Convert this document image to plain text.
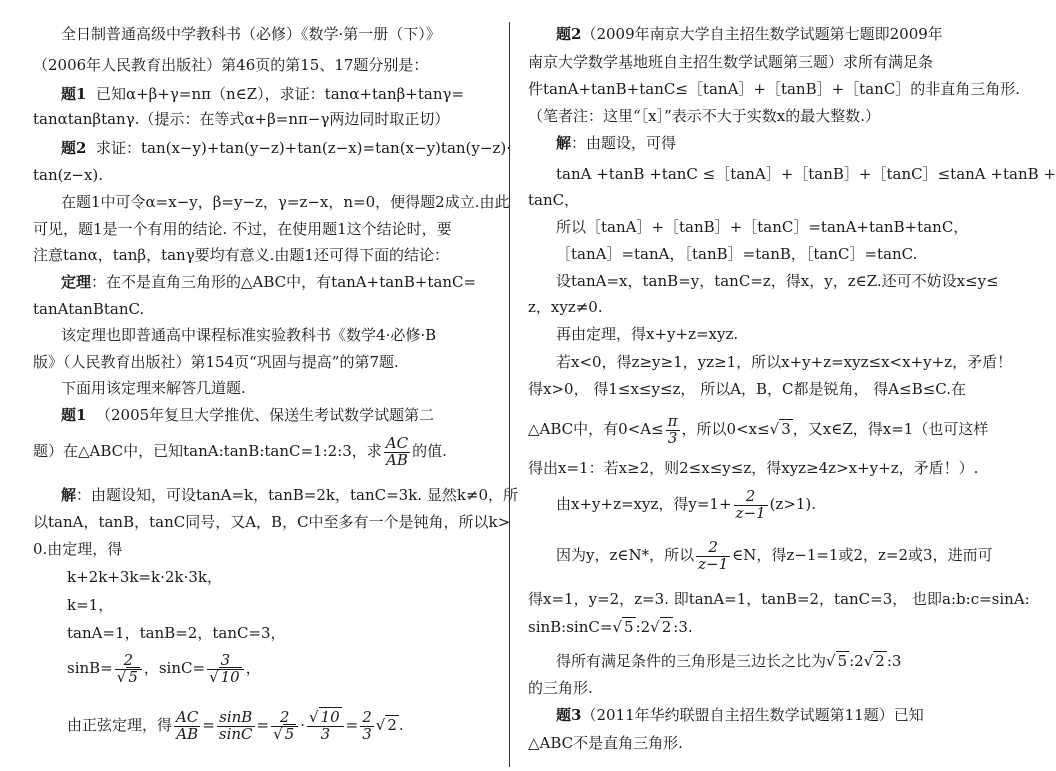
全日制普通高级中学教科书（必修）《数学·第一册（下）》
（2006年人民教育出版社）第46页的第15、17题分别是：
题1 已知α+β+γ=nπ（n∈Z），求证：tanα+tanβ+tanγ=
tanαtanβtanγ.（提示：在等式α+β=nπ−γ两边同时取正切）
题2 求证：tan(x−y)+tan(y−z)+tan(z−x)=tan(x−y)tan(y−z)·
tan(z−x).
在题1中可令α=x−y，β=y−z，γ=z−x，n=0，便得题2成立.由此
可见，题1是一个有用的结论. 不过，在使用题1这个结论时，要
注意tanα，tanβ，tanγ要均有意义.由题1还可得下面的结论：
定理：在不是直角三角形的△ABC中，有tanA+tanB+tanC=
tanAtanBtanC.
该定理也即普通高中课程标准实验教科书《数学4·必修·B
版》（人民教育出版社）第154页“巩固与提高”的第7题.
下面用该定理来解答几道题.
题1 （2005年复旦大学推优、保送生考试数学试题第二
题）在△ABC中，已知tanA:tanB:tanC=1:2:3，求 $\frac{AC}{AB}$ 的值.
解：由题设知，可设tanA=k，tanB=2k，tanC=3k. 显然k≠0，所
以tanA，tanB，tanC同号，又A，B，C中至多有一个是钝角，所以k>
0.由定理，得
k+2k+3k=k·2k·3k，
k=1，
tanA=1，tanB=2，tanC=3，
$\sin B= \frac{2}{√ 5}$ ，$\sin C= \frac{3}{√ 10}$ ，
由正弦定理，得 $\frac{AC}{AB} = \frac{\sin B}{\sin C} = \frac{2}{√ 5} \cdot \frac{√ 10}{3} = \frac{2}{3}$ √ 2 .
题2（2009年南京大学自主招生数学试题第七题即2009年
南京大学数学基地班自主招生数学试题第三题）求所有满足条
件tanA+tanB+tanC≤［tanA］+［tanB］+［tanC］的非直角三角形.
（笔者注：这里“［x］”表示不大于实数x的最大整数.）
解：由题设，可得
tanA +tanB +tanC ≤［tanA］+［tanB］+［tanC］≤tanA +tanB +
tanC，
所以［tanA］+［tanB］+［tanC］=tanA+tanB+tanC，
［tanA］=tanA，［tanB］=tanB，［tanC］=tanC.
设tanA=x，tanB=y，tanC=z，得x，y，z∈Z.还可不妨设x≤y≤
z，xyz≠0.
再由定理，得x+y+z=xyz.
若x<0，得z≥y≥1，yz≥1，所以x+y+z=xyz≤x<x+y+z，矛盾！
得x>0， 得1≤x≤y≤z， 所以A，B，C都是锐角， 得A≤B≤C.在
△ABC中，有$0<A\le \frac{\pi}{3}$ ，所以0<x≤√ 3 ，又x∈Z，得x=1（也可这样
得出x=1：若x≥2，则2≤x≤y≤z，得xyz≥4z>x+y+z，矛盾！）.
由x+y+z=xyz，得$y=1+ \frac{2}{z-1} (z>1)$.
因为y，z∈N*，所以 $\frac{2}{z-1}$ ∈N，得z−1=1或2，z=2或3，进而可
得x=1，y=2，z=3. 即tanA=1，tanB=2，tanC=3， 也即a:b:c=sinA:
sinB:sinC=√ 5 :2√ 2 :3.
得所有满足条件的三角形是三边长之比为√ 5 :2√ 2 :3
的三角形.
题3（2011年华约联盟自主招生数学试题第11题）已知
△ABC不是直角三角形.
